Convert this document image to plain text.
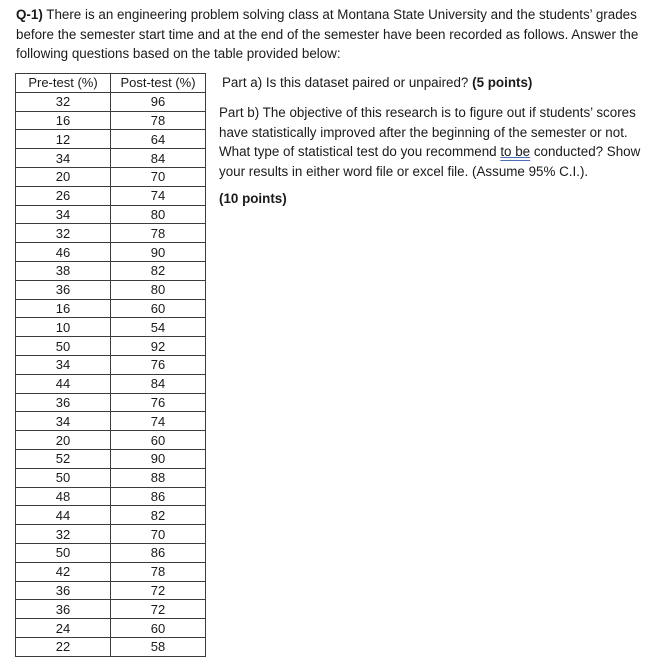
Q-1) There is an engineering problem solving class at Montana State University and the students’ grades before the semester start time and at the end of the semester have been recorded as follows. Answer the following questions based on the table provided below:
Pre-test (%)	Post-test (%)
32	96
16	78
12	64
34	84
20	70
26	74
34	80
32	78
46	90
38	82
36	80
16	60
10	54
50	92
34	76
44	84
36	76
34	74
20	60
52	90
50	88
48	86
44	82
32	70
50	86
42	78
36	72
36	72
24	60
22	58
Part a) Is this dataset paired or unpaired? (5 points)
Part b) The objective of this research is to figure out if students’ scores have statistically improved after the beginning of the semester or not. What type of statistical test do you recommend to be conducted? Show your results in either word file or excel file. (Assume 95% C.I.).
(10 points)
